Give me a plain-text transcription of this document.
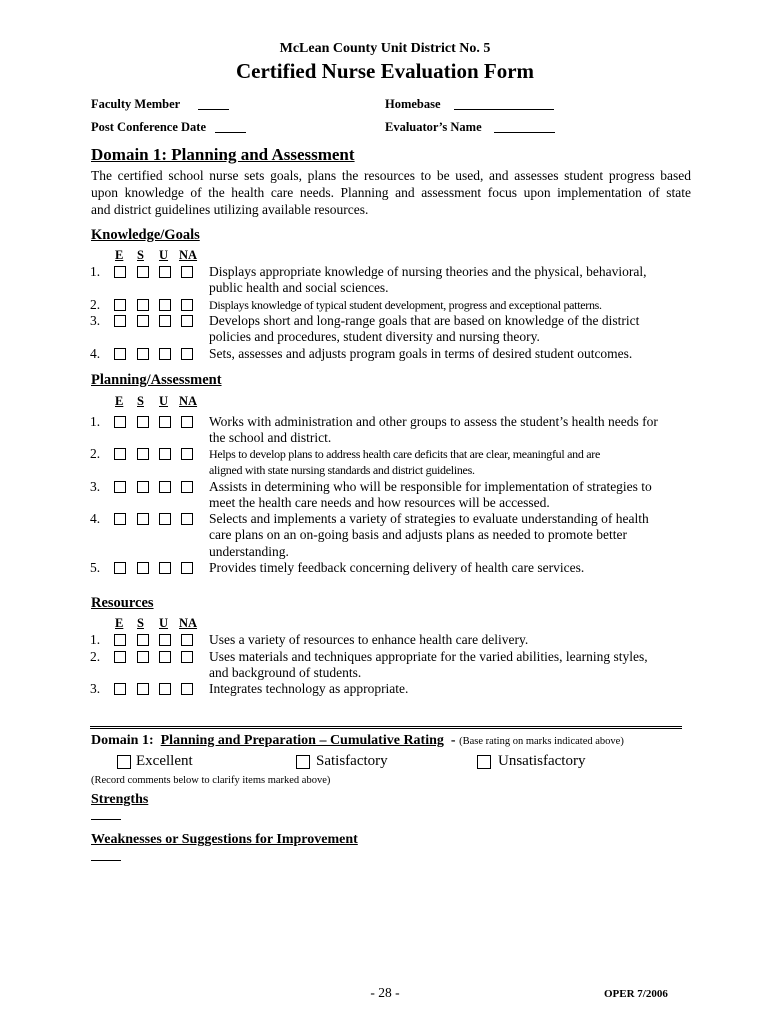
McLean County Unit District No. 5
Certified Nurse Evaluation Form
Faculty Member	Homebase
Post Conference Date	Evaluator’s Name
Domain 1: Planning and Assessment
The certified school nurse sets goals, plans the resources to be used, and assesses student progress based
upon knowledge of the health care needs. Planning and assessment focus upon implementation of state
and district guidelines utilizing available resources.
Knowledge/Goals
E S U NA
1.	Displays appropriate knowledge of nursing theories and the physical, behavioral,
public health and social sciences.
2.	Displays knowledge of typical student development, progress and exceptional patterns.
3.	Develops short and long-range goals that are based on knowledge of the district
policies and procedures, student diversity and nursing theory.
4.	Sets, assesses and adjusts program goals in terms of desired student outcomes.
Planning/Assessment
E S U NA
1.	Works with administration and other groups to assess the student’s health needs for
the school and district.
2.	Helps to develop plans to address health care deficits that are clear, meaningful and are
aligned with state nursing standards and district guidelines.
3.	Assists in determining who will be responsible for implementation of strategies to
meet the health care needs and how resources will be accessed.
4.	Selects and implements a variety of strategies to evaluate understanding of health
care plans on an on-going basis and adjusts plans as needed to promote better
understanding.
5.	Provides timely feedback concerning delivery of health care services.
Resources
E S U NA
1.	Uses a variety of resources to enhance health care delivery.
2.	Uses materials and techniques appropriate for the varied abilities, learning styles,
and background of students.
3.	Integrates technology as appropriate.
Domain 1: Planning and Preparation – Cumulative Rating - (Base rating on marks indicated above)
Excellent	Satisfactory	Unsatisfactory
(Record comments below to clarify items marked above)
Strengths
Weaknesses or Suggestions for Improvement
- 28 -	OPER 7/2006
